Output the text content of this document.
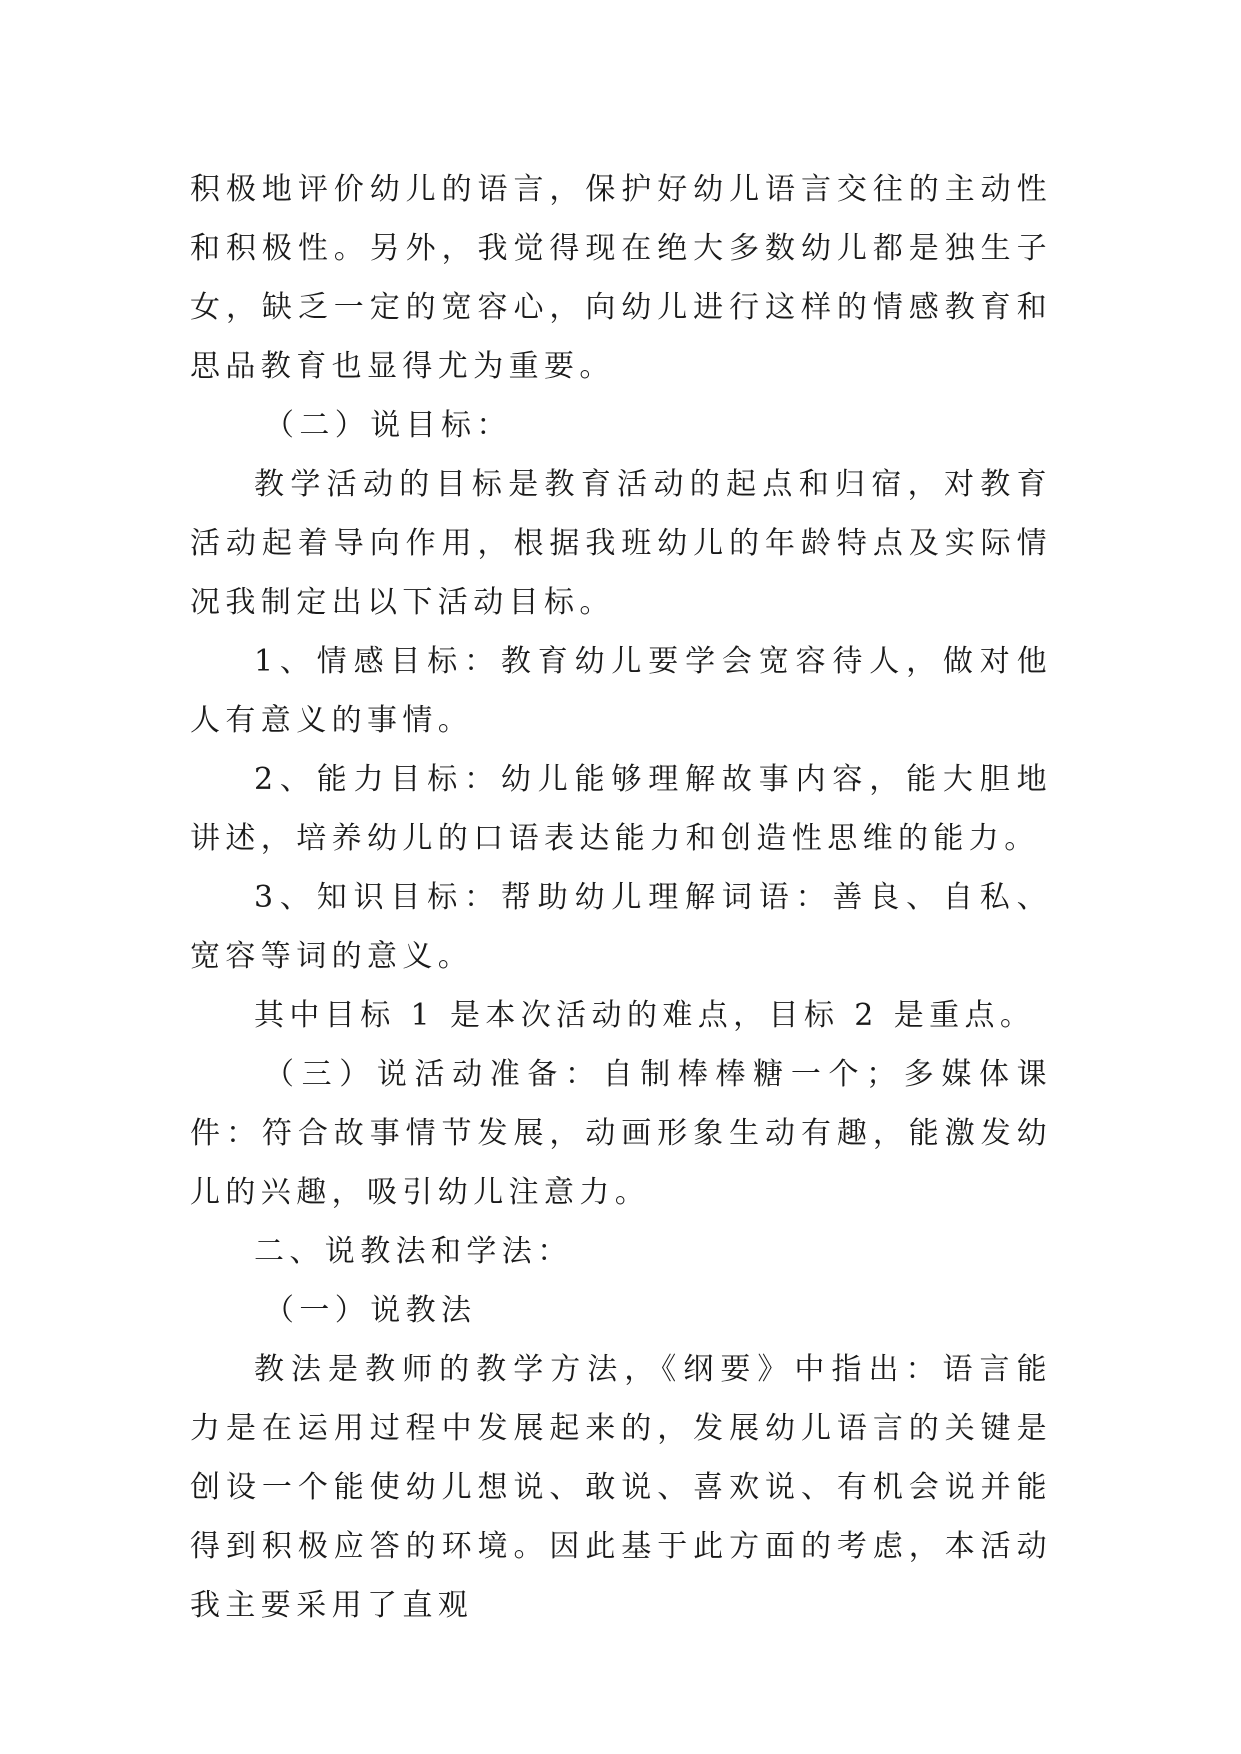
积极地评价幼儿的语言，保护好幼儿语言交往的主动性和积极性。另外，我觉得现在绝大多数幼儿都是独生子女，缺乏一定的宽容心，向幼儿进行这样的情感教育和思品教育也显得尤为重要。

（二）说目标：

教学活动的目标是教育活动的起点和归宿，对教育活动起着导向作用，根据我班幼儿的年龄特点及实际情况我制定出以下活动目标。

1、情感目标：教育幼儿要学会宽容待人，做对他人有意义的事情。

2、能力目标：幼儿能够理解故事内容，能大胆地讲述，培养幼儿的口语表达能力和创造性思维的能力。

3、知识目标：帮助幼儿理解词语：善良、自私、宽容等词的意义。

其中目标 1 是本次活动的难点，目标 2 是重点。

（三）说活动准备：自制棒棒糖一个；多媒体课件：符合故事情节发展，动画形象生动有趣，能激发幼儿的兴趣，吸引幼儿注意力。

二、说教法和学法：

（一）说教法

教法是教师的教学方法，《纲要》中指出：语言能力是在运用过程中发展起来的，发展幼儿语言的关键是创设一个能使幼儿想说、敢说、喜欢说、有机会说并能得到积极应答的环境。因此基于此方面的考虑，本活动我主要采用了直观
